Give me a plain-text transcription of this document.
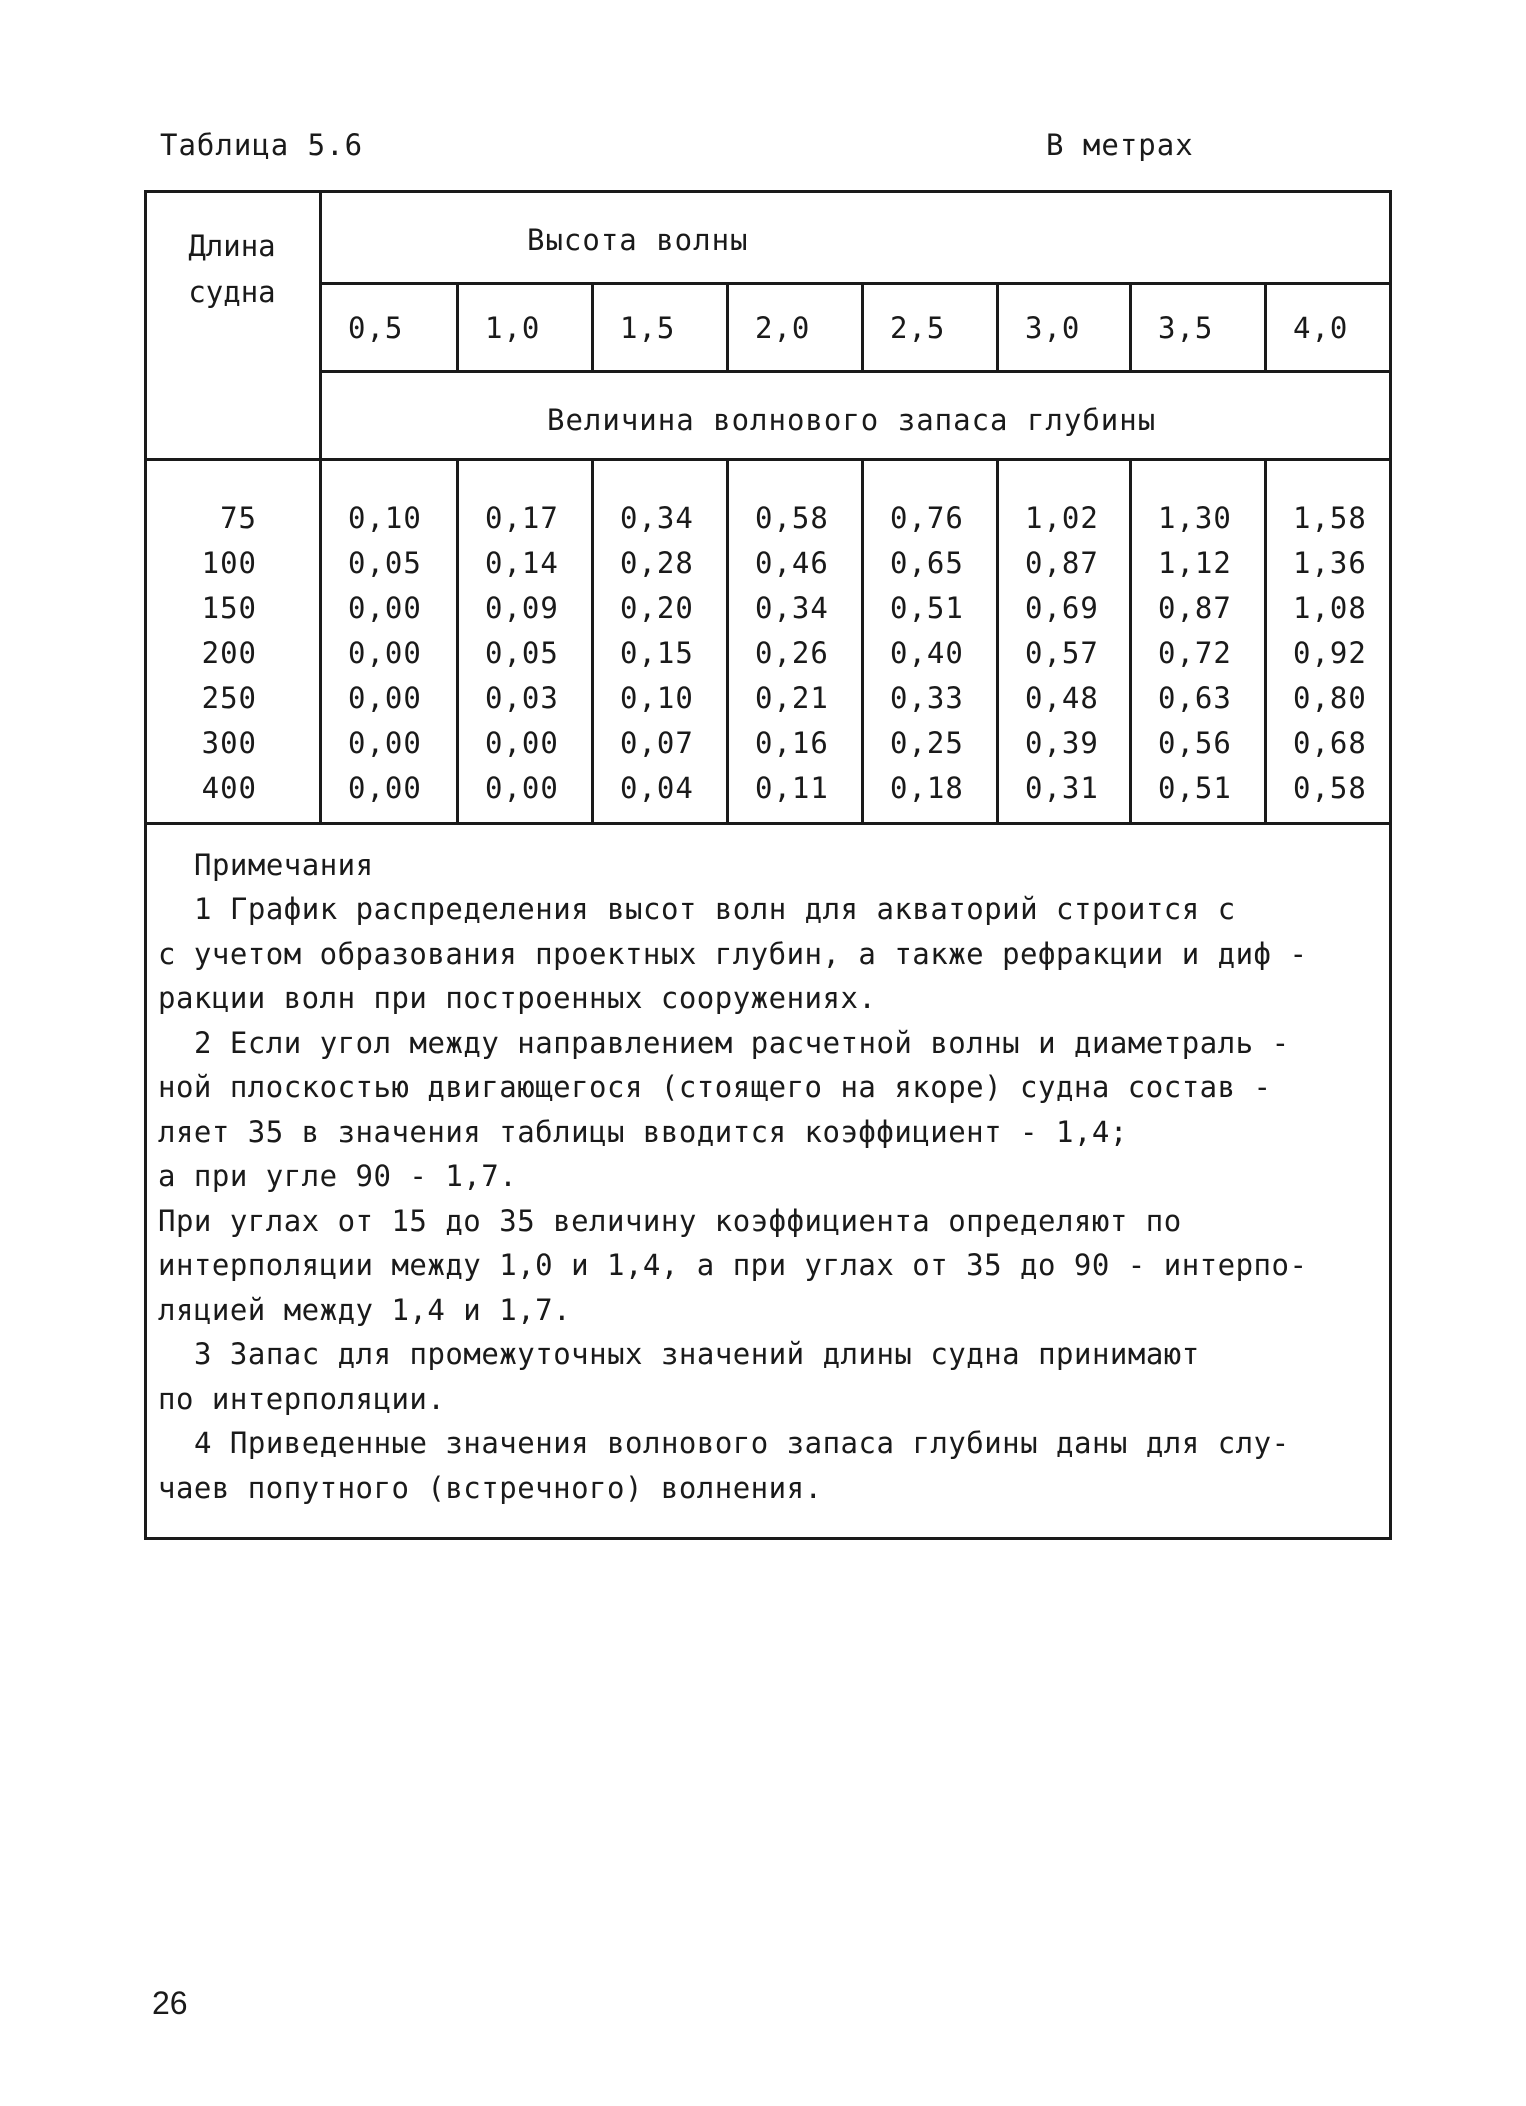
Таблица 5.6	В метрах
Длина
судна
Высота волны
Величина волнового запаса глубины
0,5	1,0	1,5	2,0	2,5	3,0	3,5	4,0
75	0,10 0,17 0,34 0,58 0,76 1,02 1,30 1,58
100	0,05 0,14 0,28 0,46 0,65 0,87 1,12 1,36
150	0,00 0,09 0,20 0,34 0,51 0,69 0,87 1,08
200	0,00 0,05 0,15 0,26 0,40 0,57 0,72 0,92
250	0,00 0,03 0,10 0,21 0,33 0,48 0,63 0,80
300	0,00 0,00 0,07 0,16 0,25 0,39 0,56 0,68
400	0,00 0,00 0,04 0,11 0,18 0,31 0,51 0,58
Примечания
1 График распределения высот волн для акваторий строится с
с учетом образования проектных глубин, а также рефракции и диф -
ракции волн при построенных сооружениях.
2 Если угол между направлением расчетной волны и диаметраль -
ной плоскостью двигающегося (стоящего на якоре) судна состав -
ляет 35 в значения таблицы вводится коэффициент - 1,4;
а при угле 90 - 1,7.
При углах от 15 до 35 величину коэффициента определяют по
интерполяции между 1,0 и 1,4, а при углах от 35 до 90 - интерпо-
ляцией между 1,4 и 1,7.
3 Запас для промежуточных значений длины судна принимают
по интерполяции.
4 Приведенные значения волнового запаса глубины даны для слу-
чаев попутного (встречного) волнения.
26
